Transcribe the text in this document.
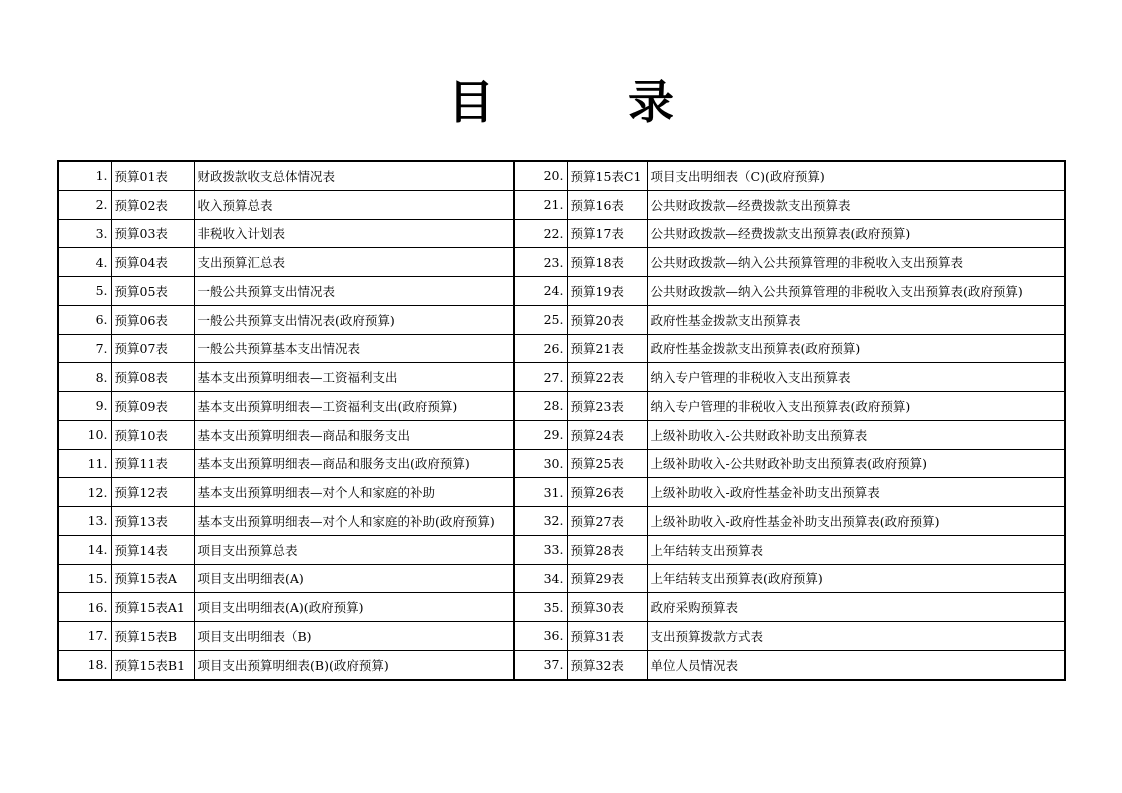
目　录
1.	预算01表	财政拨款收支总体情况表	20.	预算15表C1	项目支出明细表（C)(政府预算)
2.	预算02表	收入预算总表	21.	预算16表	公共财政拨款—经费拨款支出预算表
3.	预算03表	非税收入计划表	22.	预算17表	公共财政拨款—经费拨款支出预算表(政府预算)
4.	预算04表	支出预算汇总表	23.	预算18表	公共财政拨款—纳入公共预算管理的非税收入支出预算表
5.	预算05表	一般公共预算支出情况表	24.	预算19表	公共财政拨款—纳入公共预算管理的非税收入支出预算表(政府预算)
6.	预算06表	一般公共预算支出情况表(政府预算)	25.	预算20表	政府性基金拨款支出预算表
7.	预算07表	一般公共预算基本支出情况表	26.	预算21表	政府性基金拨款支出预算表(政府预算)
8.	预算08表	基本支出预算明细表—工资福利支出	27.	预算22表	纳入专户管理的非税收入支出预算表
9.	预算09表	基本支出预算明细表—工资福利支出(政府预算)	28.	预算23表	纳入专户管理的非税收入支出预算表(政府预算)
10.	预算10表	基本支出预算明细表—商品和服务支出	29.	预算24表	上级补助收入-公共财政补助支出预算表
11.	预算11表	基本支出预算明细表—商品和服务支出(政府预算)	30.	预算25表	上级补助收入-公共财政补助支出预算表(政府预算)
12.	预算12表	基本支出预算明细表—对个人和家庭的补助	31.	预算26表	上级补助收入-政府性基金补助支出预算表
13.	预算13表	基本支出预算明细表—对个人和家庭的补助(政府预算)	32.	预算27表	上级补助收入-政府性基金补助支出预算表(政府预算)
14.	预算14表	项目支出预算总表	33.	预算28表	上年结转支出预算表
15.	预算15表A	项目支出明细表(A)	34.	预算29表	上年结转支出预算表(政府预算)
16.	预算15表A1	项目支出明细表(A)(政府预算)	35.	预算30表	政府采购预算表
17.	预算15表B	项目支出明细表（B)	36.	预算31表	支出预算拨款方式表
18.	预算15表B1	项目支出预算明细表(B)(政府预算)	37.	预算32表	单位人员情况表
